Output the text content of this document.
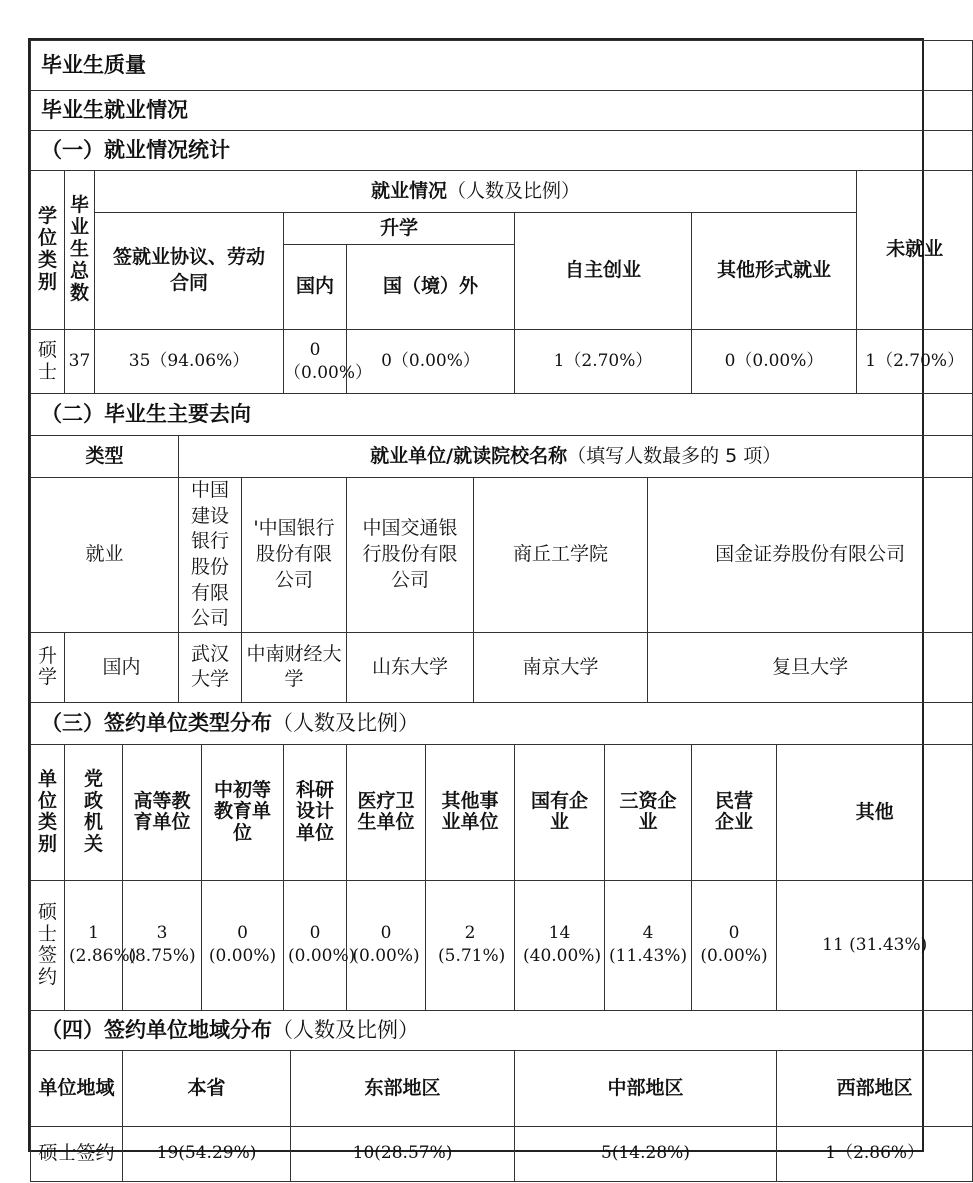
毕业生质量																	
毕业生就业情况																	
（一）就业情况统计																	
学位类别	毕业生总数	就业情况（人数及比例）															未就业
		签就业协议、劳动合同					升学					自主创业			其他形式就业		
							国内		国（境）外								
硕士	37	35（94.06%）					0（0.00%）		0（0.00%）			1（2.70%）			0（0.00%）		1（2.70%）
（二）毕业生主要去向																	
类型				就业单位/就读院校名称（填写人数最多的 5 项）													
就业				中国建设银行股份有限公司		'中国银行股份有限公司			中国交通银行股份有限公司		商丘工学院			国金证券股份有限公司			
升学	国内			武汉大学		中南财经大学			山东大学		南京大学			复旦大学			
（三）签约单位类型分布（人数及比例）																	
单位类别	党政机关		高等教育单位		中初等教育单位		科研设计单位		医疗卫生单位	其他事业单位		国有企业	三资企业		民营企业	其他	
硕士签约	1 (2.86%)		3 (8.75%)		0 (0.00%)		0 (0.00%)		0 (0.00%)	2 (5.71%)		14 (40.00%)	4 (11.43%)		0 (0.00%)	11 (31.43%)	
（四）签约单位地域分布（人数及比例）																	
单位地域			本省					东部地区				中部地区				西部地区	
硕士签约			19(54.29%)					10(28.57%)				5(14.28%)				1（2.86%）	
